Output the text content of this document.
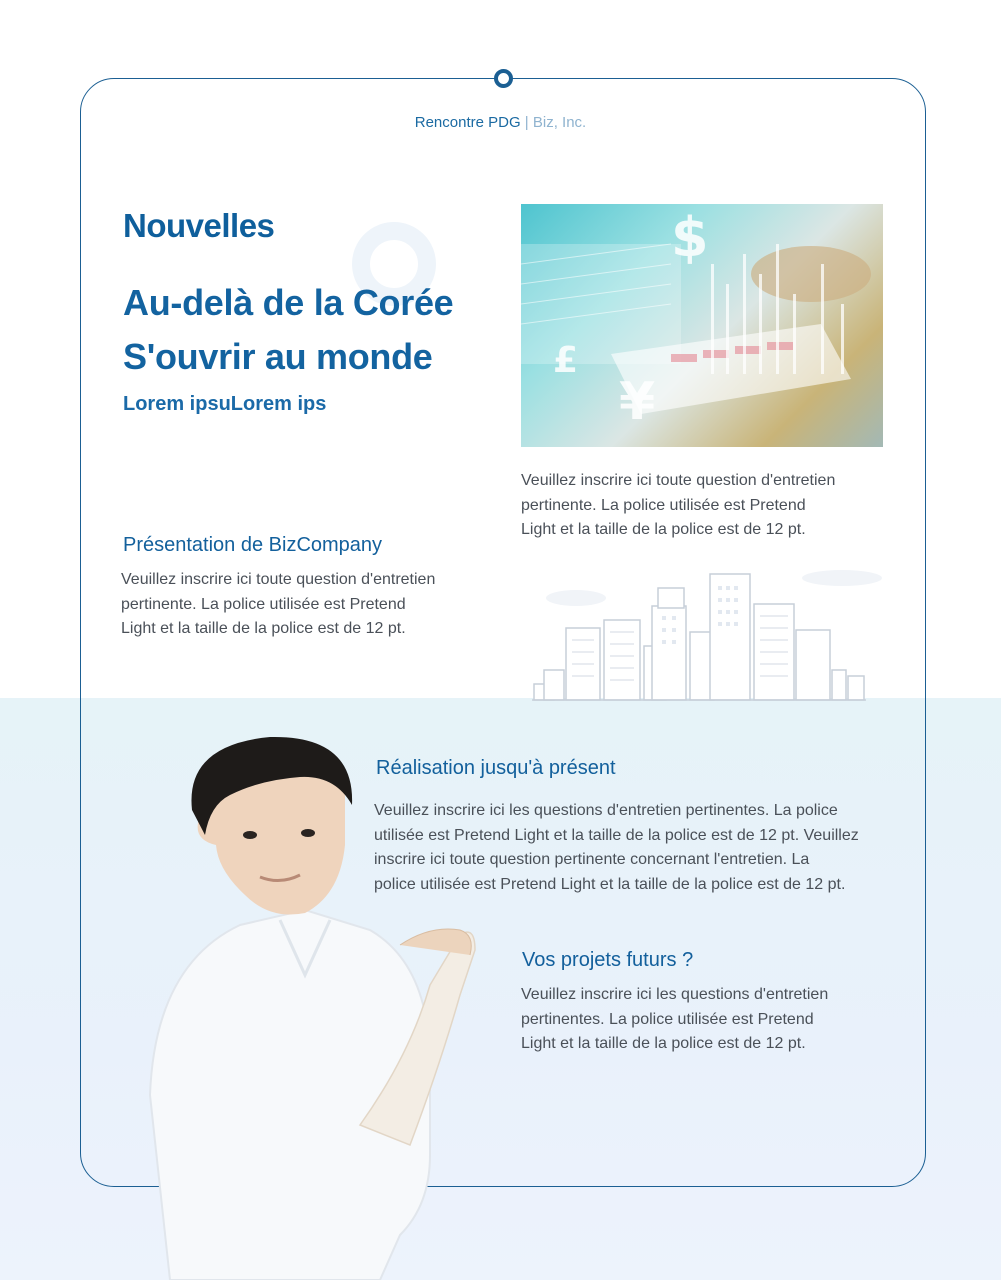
Rencontre PDG | Biz, Inc.
Nouvelles
Au-delà de la Corée
S'ouvrir au monde
Lorem ipsuLorem ips
$
£
¥
Veuillez inscrire ici toute question d'entretien
pertinente. La police utilisée est Pretend
Light et la taille de la police est de 12 pt.
Présentation de BizCompany
Veuillez inscrire ici toute question d'entretien
pertinente. La police utilisée est Pretend
Light et la taille de la police est de 12 pt.
Réalisation jusqu'à présent
Veuillez inscrire ici les questions d'entretien pertinentes. La police
utilisée est Pretend Light et la taille de la police est de 12 pt. Veuillez
inscrire ici toute question pertinente concernant l'entretien. La
police utilisée est Pretend Light et la taille de la police est de 12 pt.
Vos projets futurs ?
Veuillez inscrire ici les questions d'entretien
pertinentes. La police utilisée est Pretend
Light et la taille de la police est de 12 pt.
